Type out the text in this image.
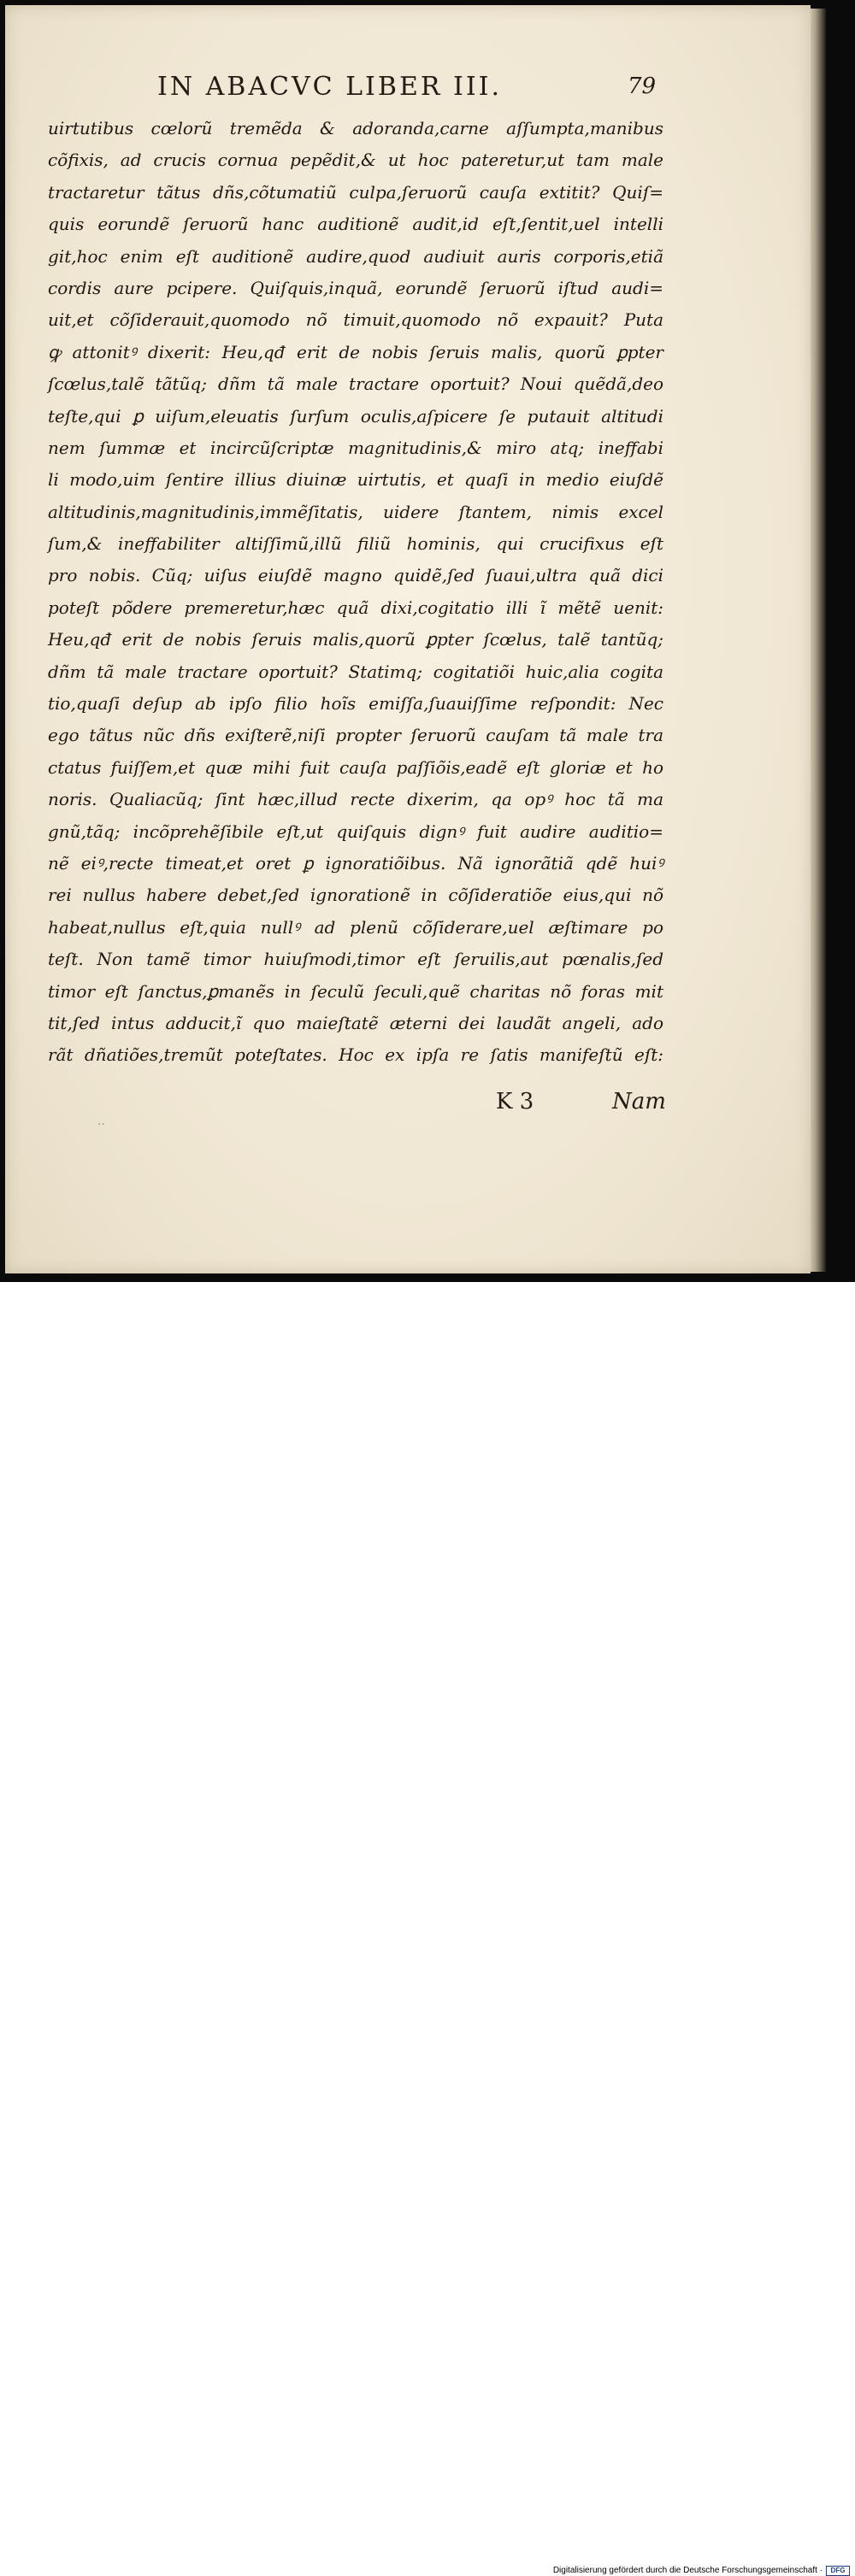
IN ABACVC LIBER III.	79
uirtutibus cœlorũ tremẽda & adoranda,carne aſſumpta,manibus
cõfixis, ad crucis cornua pepẽdit,& ut hoc pateretur,ut tam male
tractaretur tãtus dñs,cõtumatiũ culpa,ſeruorũ cauſa extitit? Quiſ=
quis eorundẽ ſeruorũ hanc auditionẽ audit,id eſt,ſentit,uel intelli
git,hoc enim eſt auditionẽ audire,quod audiuit auris corporis,etiã
cordis aure pcipere. Quiſquis,inquã, eorundẽ ſeruorũ iſtud audi=
uit,et cõſiderauit,quomodo nõ timuit,quomodo nõ expauit? Puta
ꝙ attonitꝰ dixerit: Heu,qđ erit de nobis ſeruis malis, quorũ ꝑpter
ſcœlus,talẽ tãtũq; dñm tã male tractare oportuit? Noui quẽdã,deo
teſte,qui ꝑ uiſum,eleuatis ſurſum oculis,aſpicere ſe putauit altitudi
nem ſummæ et incircũſcriptæ magnitudinis,& miro atq; ineffabi
li modo,uim ſentire illius diuinæ uirtutis, et quaſi in medio eiuſdẽ
altitudinis,magnitudinis,immẽſitatis, uidere ſtantem, nimis excel
ſum,& ineffabiliter altiſſimũ,illũ filiũ hominis, qui crucifixus eſt
pro nobis. Cũq; uiſus eiuſdẽ magno quidẽ,ſed ſuaui,ultra quã dici
poteſt põdere premeretur,hæc quã dixi,cogitatio illi ĩ mẽtẽ uenit:
Heu,qđ erit de nobis ſeruis malis,quorũ ꝑpter ſcœlus, talẽ tantũq;
dñm tã male tractare oportuit? Statimq; cogitatiõi huic,alia cogita
tio,quaſi deſup ab ipſo filio hoĩs emiſſa,ſuauiſſime reſpondit: Nec
ego tãtus nũc dñs exiſterẽ,niſi propter ſeruorũ cauſam tã male tra
ctatus fuiſſem,et quæ mihi fuit cauſa paſſiõis,eadẽ eſt gloriæ et ho
noris. Qualiacũq; ſint hæc,illud recte dixerim, qa opꝰ hoc tã ma
gnũ,tãq; incõprehẽſibile eſt,ut quiſquis dignꝰ fuit audire auditio=
nẽ eiꝰ,recte timeat,et oret ꝑ ignoratiõibus. Nã ignorãtiã qdẽ huiꝰ
rei nullus habere debet,ſed ignorationẽ in cõſideratiõe eius,qui nõ
habeat,nullus eſt,quia nullꝰ ad plenũ cõſiderare,uel æſtimare po
teſt. Non tamẽ timor huiuſmodi,timor eſt ſeruilis,aut pœnalis,ſed
timor eſt ſanctus,ꝑmanẽs in ſeculũ ſeculi,quẽ charitas nõ foras mit
tit,ſed intus adducit,ĩ quo maieſtatẽ æterni dei laudãt angeli, ado
rãt dñatiões,tremũt poteſtates. Hoc ex ipſa re ſatis manifeſtũ eſt:
K 3	Nam
..
Digitalisierung gefördert durch die Deutsche Forschungsgemeinschaft ·	DFG
